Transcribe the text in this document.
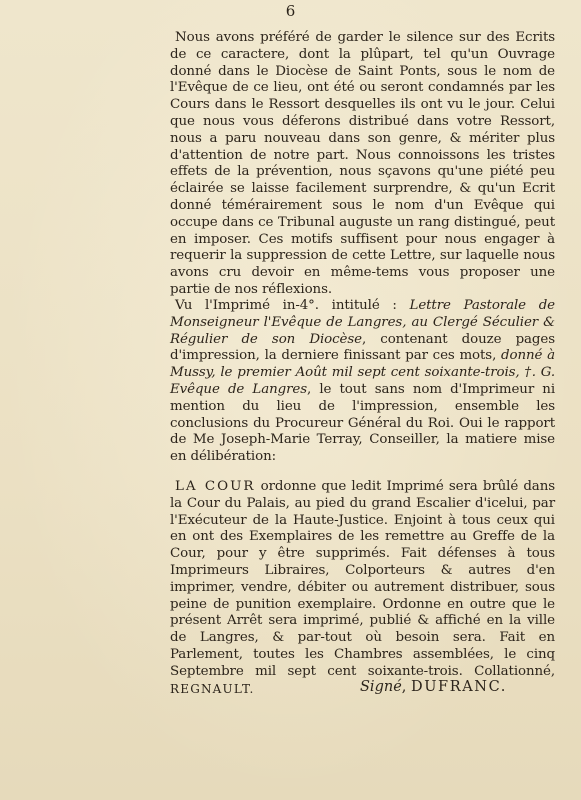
6

Nous avons préféré de garder le silence sur des Ecrits de ce caractere, dont la plûpart, tel qu'un Ouvrage donné dans le Diocèse de Saint Ponts, sous le nom de l'Evêque de ce lieu, ont été ou seront condamnés par les Cours dans le Ressort desquelles ils ont vu le jour. Celui que nous vous déferons distribué dans votre Ressort, nous a paru nouveau dans son genre, & mériter plus d'attention de notre part. Nous connoissons les tristes effets de la prévention, nous sçavons qu'une piété peu éclairée se laisse facilement surprendre, & qu'un Ecrit donné témérairement sous le nom d'un Evêque qui occupe dans ce Tribunal auguste un rang distingué, peut en imposer. Ces motifs suffisent pour nous engager à requerir la suppression de cette Lettre, sur laquelle nous avons cru devoir en même-tems vous proposer une partie de nos réflexions.

Vu l'Imprimé in-4°. intitulé : Lettre Pastorale de Monseigneur l'Evêque de Langres, au Clergé Séculier & Régulier de son Diocèse, contenant douze pages d'impression, la derniere finissant par ces mots, donné à Mussy, le premier Août mil sept cent soixante-trois, †. G. Evêque de Langres, le tout sans nom d'Imprimeur ni mention du lieu de l'impression, ensemble les conclusions du Procureur Général du Roi. Oui le rapport de Me Joseph-Marie Terray, Conseiller, la matiere mise en délibération:

LA COUR ordonne que ledit Imprimé sera brûlé dans la Cour du Palais, au pied du grand Escalier d'icelui, par l'Exécuteur de la Haute-Justice. Enjoint à tous ceux qui en ont des Exemplaires de les remettre au Greffe de la Cour, pour y être supprimés. Fait défenses à tous Imprimeurs Libraires, Colporteurs & autres d'en imprimer, vendre, débiter ou autrement distribuer, sous peine de punition exemplaire. Ordonne en outre que le présent Arrêt sera imprimé, publié & affiché en la ville de Langres, & par-tout où besoin sera. Fait en Parlement, toutes les Chambres assemblées, le cinq Septembre mil sept cent soixante-trois. Collationné, REGNAULT.	Signé, DUFRANC.
